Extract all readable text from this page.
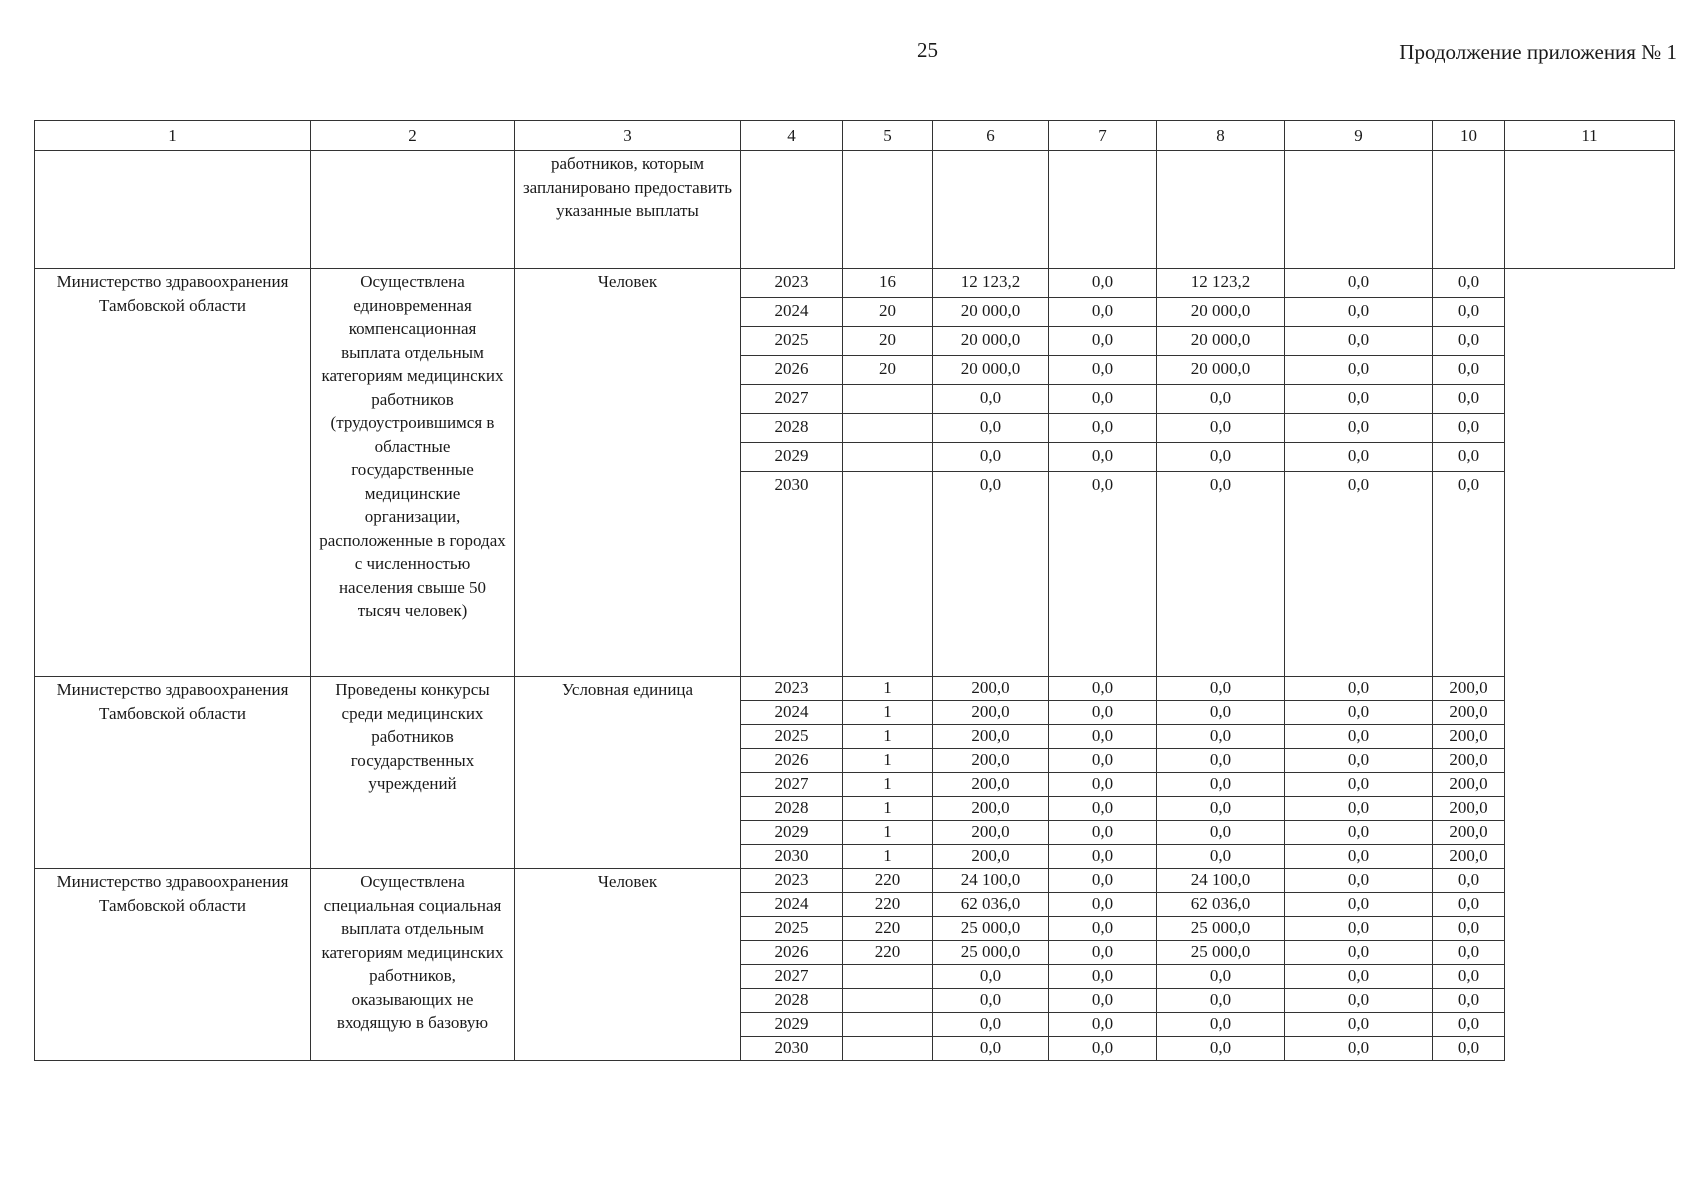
25	Продолжение приложения № 1
1	2	3	4	5	6	7	8	9	10	11
		работников, которым запланировано предоставить указанные выплаты								
Министерство здравоохранения Тамбовской области	Осуществлена единовременная компенсационная выплата отдельным категориям медицинских работников (трудоустроившимся в областные государственные медицинские организации, расположенные в городах с численностью населения свыше 50 тысяч человек)	Человек	2023	16	12 123,2	0,0	12 123,2	0,0	0,0	
			2024	20	20 000,0	0,0	20 000,0	0,0	0,0	
			2025	20	20 000,0	0,0	20 000,0	0,0	0,0	
			2026	20	20 000,0	0,0	20 000,0	0,0	0,0	
			2027		0,0	0,0	0,0	0,0	0,0	
			2028		0,0	0,0	0,0	0,0	0,0	
			2029		0,0	0,0	0,0	0,0	0,0	
			2030		0,0	0,0	0,0	0,0	0,0	
Министерство здравоохранения Тамбовской области	Проведены конкурсы среди медицинских работников государственных учреждений	Условная единица	2023	1	200,0	0,0	0,0	0,0	200,0	
			2024	1	200,0	0,0	0,0	0,0	200,0	
			2025	1	200,0	0,0	0,0	0,0	200,0	
			2026	1	200,0	0,0	0,0	0,0	200,0	
			2027	1	200,0	0,0	0,0	0,0	200,0	
			2028	1	200,0	0,0	0,0	0,0	200,0	
			2029	1	200,0	0,0	0,0	0,0	200,0	
			2030	1	200,0	0,0	0,0	0,0	200,0	
Министерство здравоохранения Тамбовской области	Осуществлена специальная социальная выплата отдельным категориям медицинских работников, оказывающих не входящую в базовую	Человек	2023	220	24 100,0	0,0	24 100,0	0,0	0,0	
			2024	220	62 036,0	0,0	62 036,0	0,0	0,0	
			2025	220	25 000,0	0,0	25 000,0	0,0	0,0	
			2026	220	25 000,0	0,0	25 000,0	0,0	0,0	
			2027		0,0	0,0	0,0	0,0	0,0	
			2028		0,0	0,0	0,0	0,0	0,0	
			2029		0,0	0,0	0,0	0,0	0,0	
			2030		0,0	0,0	0,0	0,0	0,0	
